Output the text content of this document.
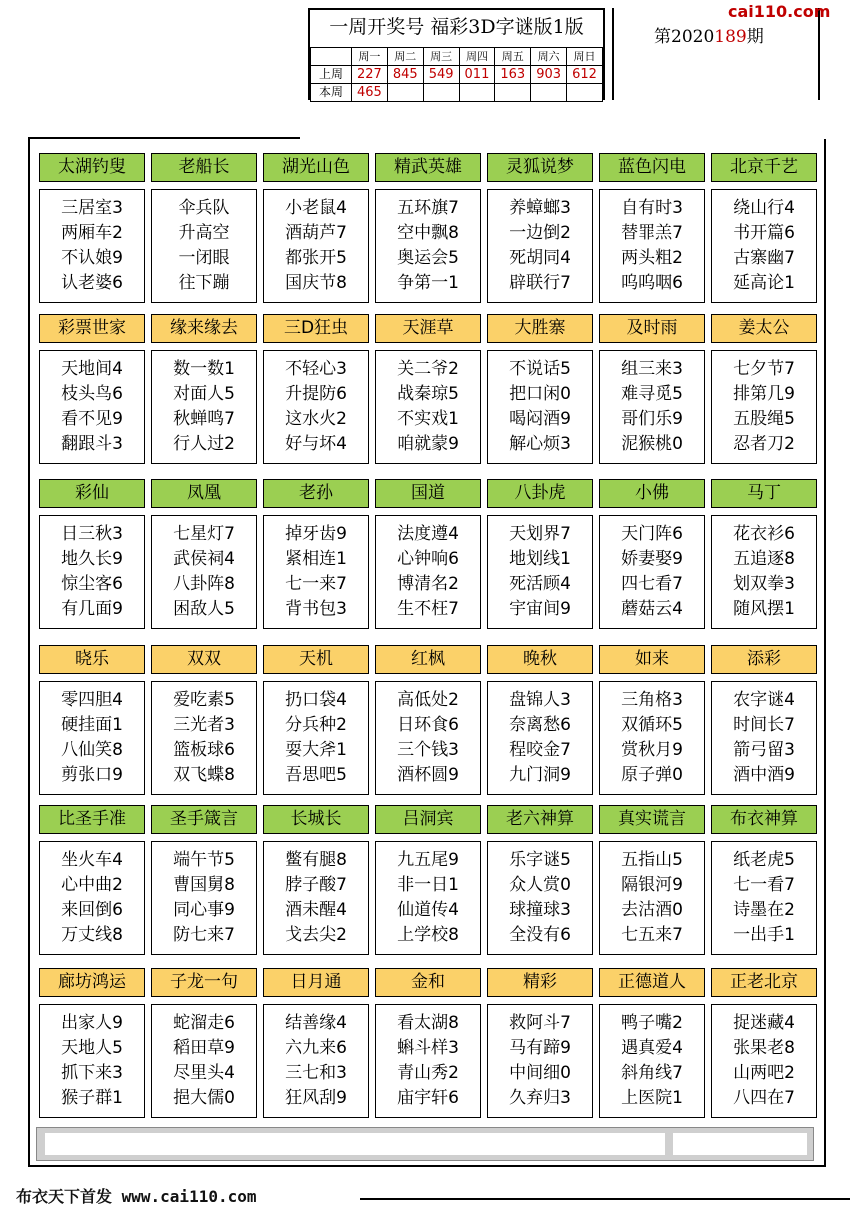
一周开奖号 福彩3D字谜版1版
	周一	周二	周三	周四	周五	周六	周日
上周	227	845	549	011	163	903	612
本周	465						
第2020189期
cai110.com
太湖钓叟
三居室3
两厢车2
不认娘9
认老婆6
老船长
伞兵队
升高空
一闭眼
往下蹦
湖光山色
小老鼠4
酒葫芦7
都张开5
国庆节8
精武英雄
五环旗7
空中飘8
奥运会5
争第一1
灵狐说梦
养蟑螂3
一边倒2
死胡同4
辟联行7
蓝色闪电
自有时3
替罪羔7
两头粗2
呜呜咽6
北京千艺
绕山行4
书开篇6
古寨幽7
延高论1
彩票世家
天地间4
枝头鸟6
看不见9
翻跟斗3
缘来缘去
数一数1
对面人5
秋蝉鸣7
行人过2
三D狂虫
不轻心3
升提防6
这水火2
好与坏4
天涯草
关二爷2
战秦琼5
不实戏1
咱就蒙9
大胜寨
不说话5
把口闲0
喝闷酒9
解心烦3
及时雨
组三来3
难寻觅5
哥们乐9
泥猴桃0
姜太公
七夕节7
排第几9
五股绳5
忍者刀2
彩仙
日三秋3
地久长9
惊尘客6
有几面9
凤凰
七星灯7
武侯祠4
八卦阵8
困敌人5
老孙
掉牙齿9
紧相连1
七一来7
背书包3
国道
法度遵4
心钟响6
博清名2
生不枉7
八卦虎
天划界7
地划线1
死活顾4
宇宙间9
小佛
天门阵6
娇妻娶9
四七看7
蘑菇云4
马丁
花衣衫6
五追逐8
划双拳3
随风摆1
晓乐
零四胆4
硬挂面1
八仙笑8
剪张口9
双双
爱吃素5
三光者3
篮板球6
双飞蝶8
天机
扔口袋4
分兵种2
耍大斧1
吾思吧5
红枫
高低处2
日环食6
三个钱3
酒杯圆9
晚秋
盘锦人3
奈离愁6
程咬金7
九门洞9
如来
三角格3
双循环5
赏秋月9
原子弹0
添彩
农字谜4
时间长7
箭弓留3
酒中酒9
比圣手准
坐火车4
心中曲2
来回倒6
万丈线8
圣手箴言
端午节5
曹国舅8
同心事9
防七来7
长城长
鳖有腿8
脖子酸7
酒未醒4
戈去尖2
吕洞宾
九五尾9
非一日1
仙道传4
上学校8
老六神算
乐字谜5
众人赏0
球撞球3
全没有6
真实谎言
五指山5
隔银河9
去沽酒0
七五来7
布衣神算
纸老虎5
七一看7
诗墨在2
一出手1
廊坊鸿运
出家人9
天地人5
抓下来3
猴子群1
子龙一句
蛇溜走6
稻田草9
尽里头4
挹大儒0
日月通
结善缘4
六九来6
三七和3
狂风刮9
金和
看太湖8
蝌斗样3
青山秀2
庙宇轩6
精彩
救阿斗7
马有蹄9
中间细0
久弃归3
正德道人
鸭子嘴2
遇真爱4
斜角线7
上医院1
正老北京
捉迷藏4
张果老8
山两吧2
八四在7
布衣天下首发 www.cai110.com
